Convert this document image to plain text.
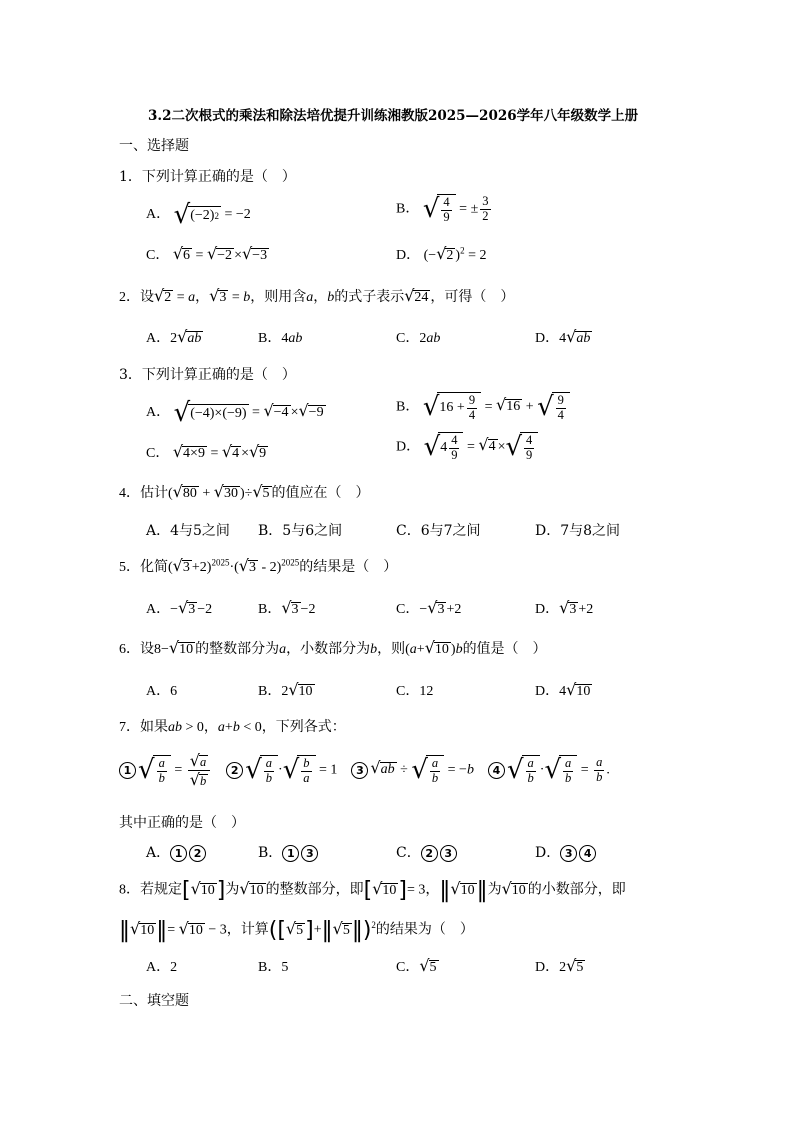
3.2二次根式的乘法和除法培优提升训练湘教版2025—2026学年八年级数学上册
一、选择题
1．下列计算正确的是（　）
A． √ (−2) 2 = −2	B． √ $\frac{4}{9}$ = ± $\frac{3}{2}$
C． √6 = √−2 ×√−3	D． (−√2 )$^2$ = 2
2．设√2 = a，√3 = b，则用含a，b的式子表示√24 ，可得（　）
A．2√ab	B．4ab	C．2ab	D．4√ab
3．下列计算正确的是（　）
A． √ (−4)×(−9) = √−4 ×√−9	B． √ $16 + \frac{9}{4} = √16$ + √ $\frac{9}{4}$
C． √4×9 = √4 ×√9	D． √ $4 \frac{4}{9} = √4$ × √ $\frac{4}{9}$
4．估计(√80 + √30 )÷√5 的值应在（　）
A．4与5之间 B．5与6之间	C．6与7之间	D．7与8之间
5．化简$(√3 +2)^{2025}\cdot(√3 - 2)^{2025}$的结果是（　）
A．−√3 −2	B．√3 −2	C．−√3 +2	D．√3 +2
6．设8−√10 的整数部分为a，小数部分为b，则(a+√10 )b的值是（　）
A．6	B．2√10	C．12	D．4√10
7．如果ab > 0，a+b < 0，下列各式：
1 √ $\frac{a}{b} = \frac{√a}{√b} 2$ √ $\frac{a}{b}$ · √ $\frac{b}{a} = 1$    3 √ab ÷ √ $\frac{a}{b} = -b$ 4 √ $\frac{a}{b}$ · √ $\frac{a}{b} = \frac{a}{b}$ .
其中正确的是（　）
A． 1 2	B． 1 3	C． 2 3	D． 3 4
8．若规定[√10]为√10 的整数部分，即[√10]= 3，‖√10‖为√10 的小数部分，即
‖√10‖= √10 − 3，计算([√5]+‖√5‖)$^2$的结果为（　）
A．2	B．5	C．√5	D．2√5
二、填空题
